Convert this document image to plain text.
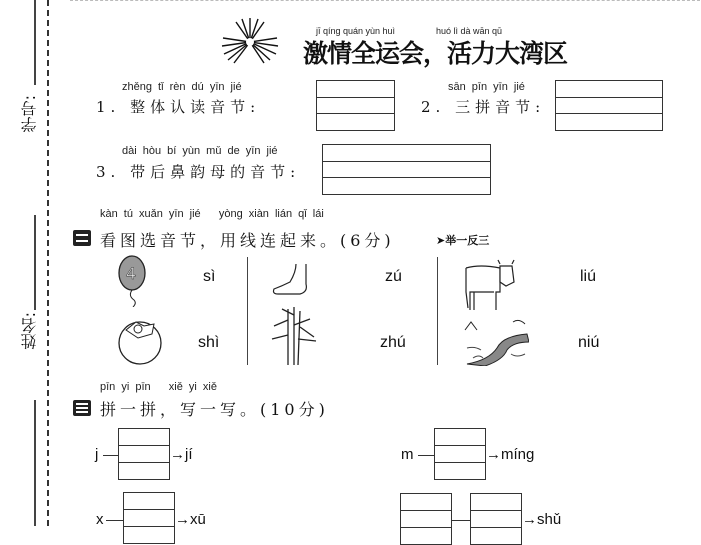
学号:
姓名:
jī qíng quán yùn huì	huó lì dà wān qū
激情全运会，活力大湾区
zhěng tǐ rèn dú yīn jié
1. 整体认读音节:
sān pīn yīn jié
2. 三拼音节:
dài hòu bí yùn mǔ de yīn jié
3. 带后鼻韵母的音节:
kàn tú xuǎn yīn jié   yòng xiàn lián qǐ lái
看图选音节，用线连起来。(6分)	➤举一反三
4	sì
shì
zú
zhú
liú
niú
pīn yi pīn   xiě yi xiě
拼一拼，写一写。(10分)
j	→jí	m	→míng
x	→xū	→shǔ
